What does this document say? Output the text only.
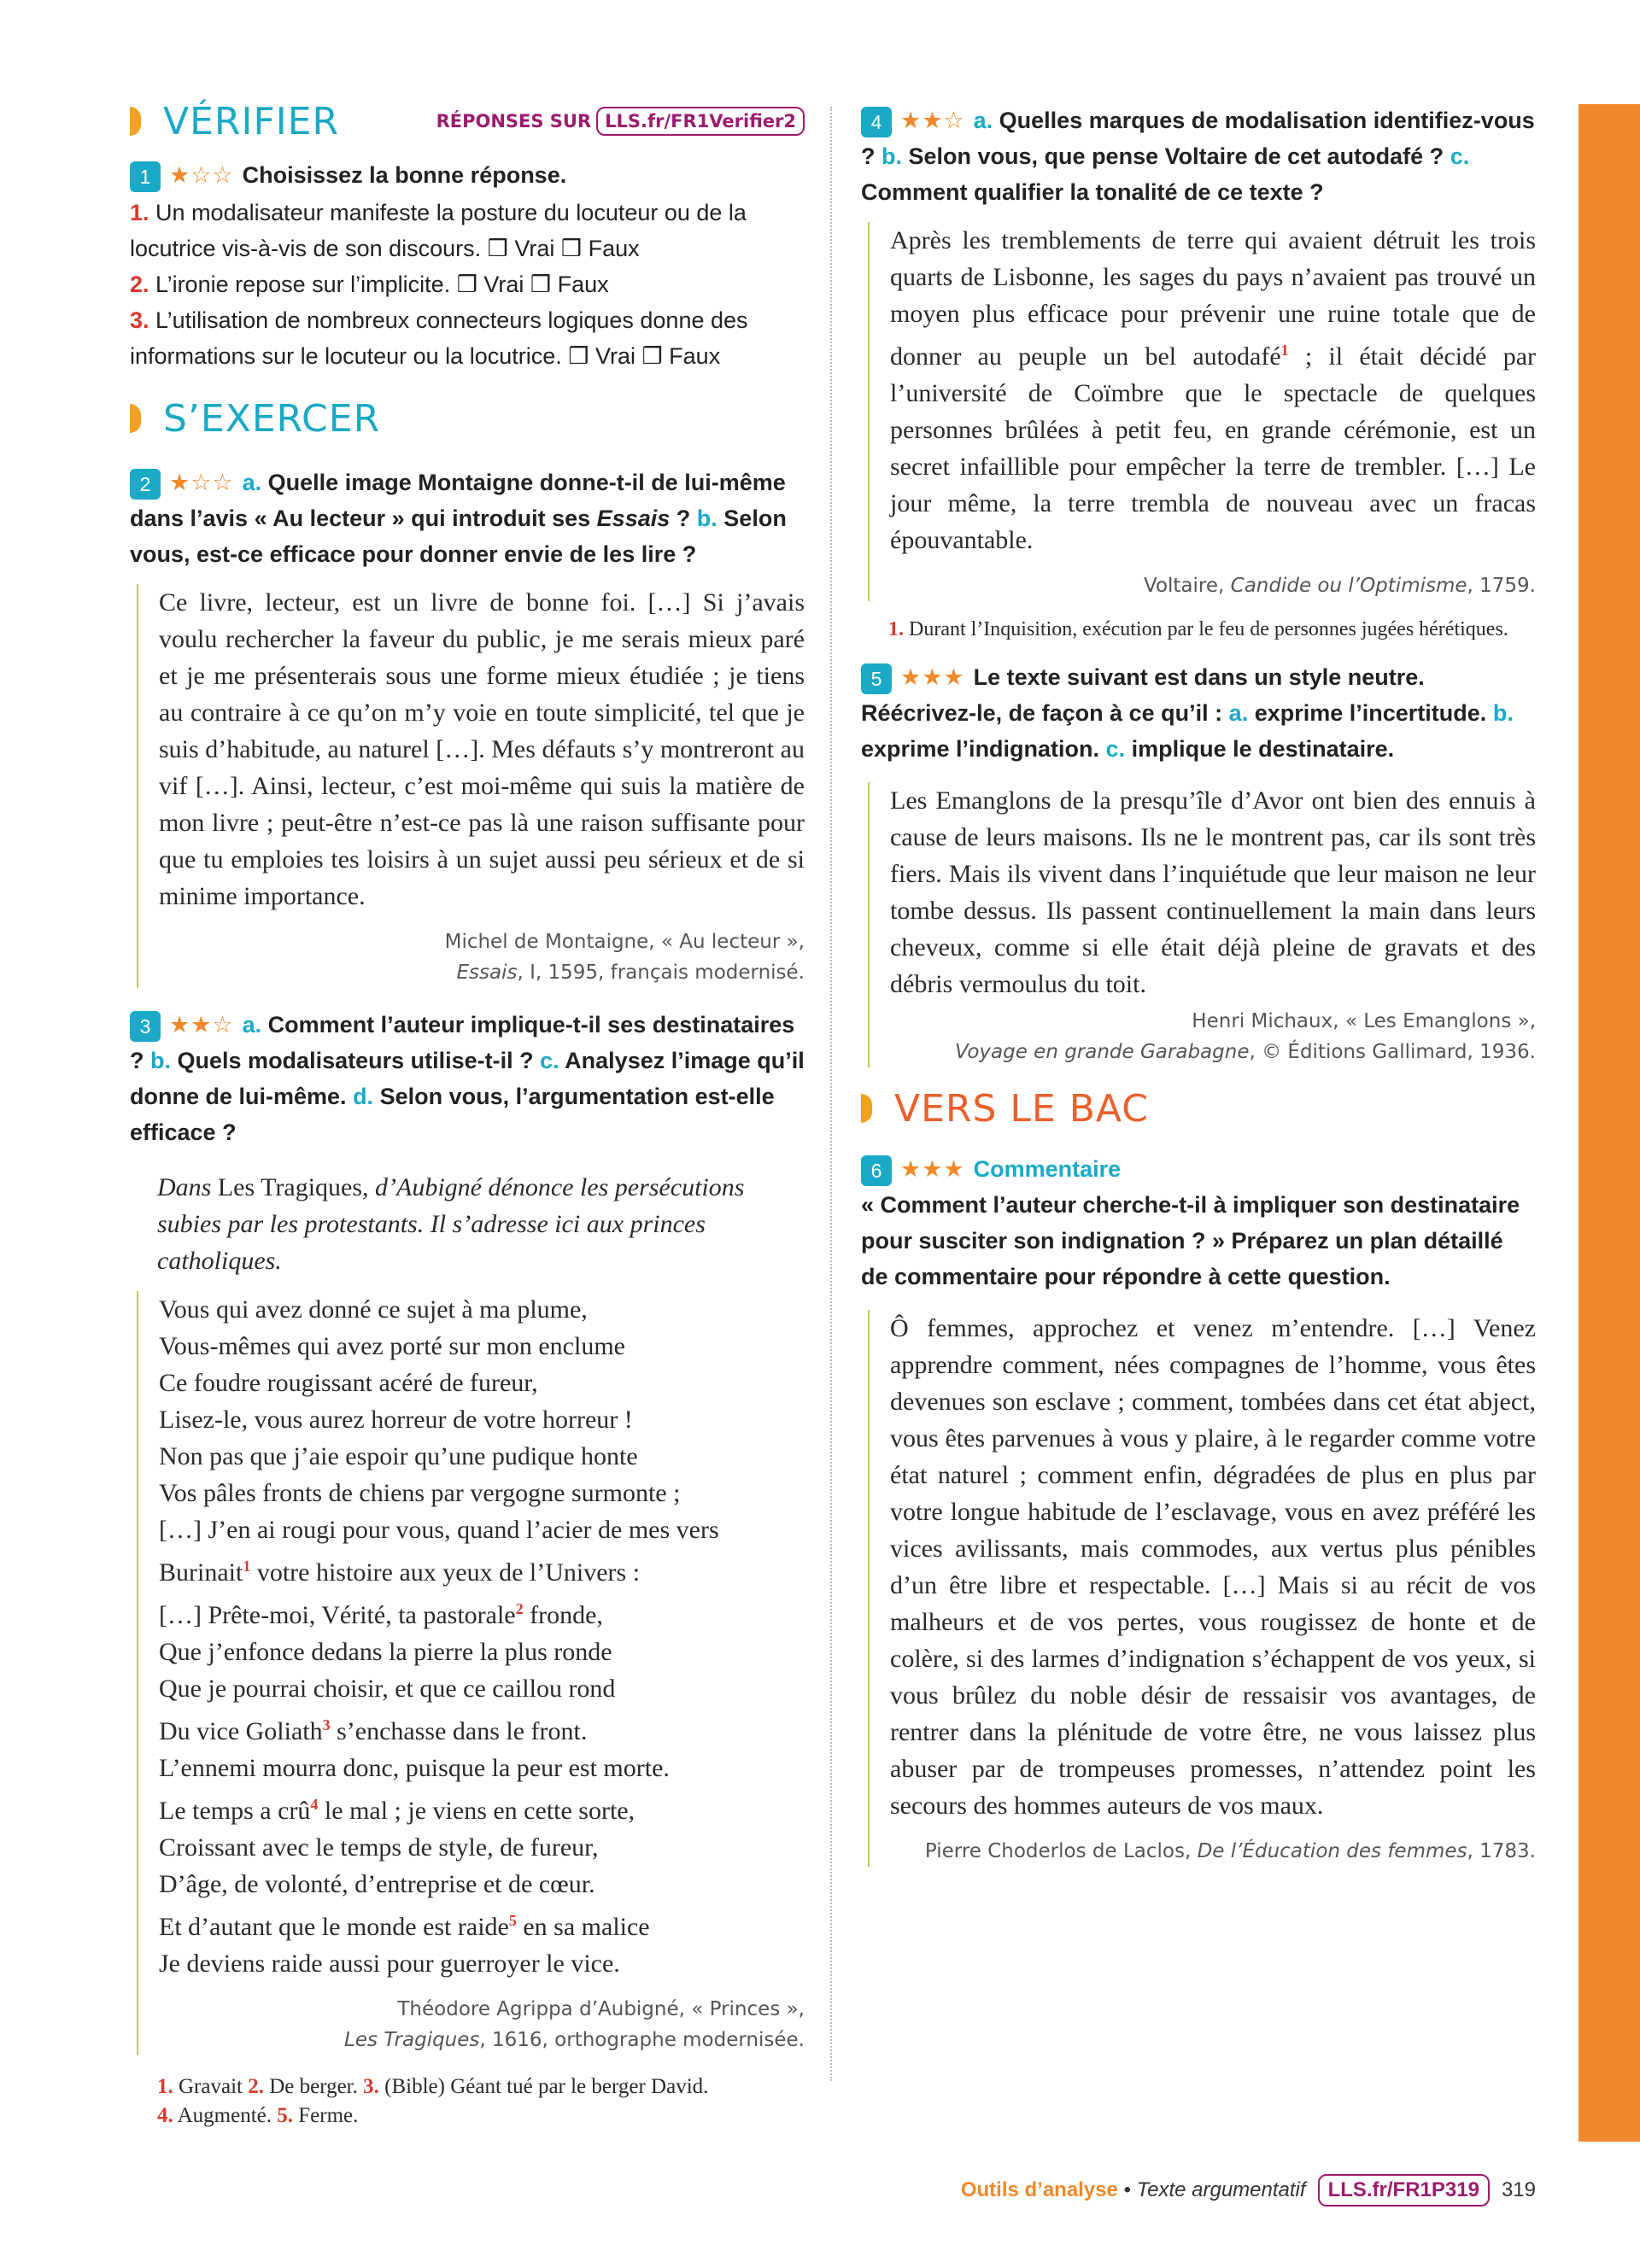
VÉRIFIER	RÉPONSES SUR LLS.fr/FR1Verifier2
1 ★☆☆ Choisissez la bonne réponse.
1. Un modalisateur manifeste la posture du locuteur ou de la locutrice vis-à-vis de son discours. ❒ Vrai ❒ Faux
2. L’ironie repose sur l’implicite. ❒ Vrai ❒ Faux
3. L’utilisation de nombreux connecteurs logiques donne des informations sur le locuteur ou la locutrice. ❒ Vrai ❒ Faux
S’EXERCER
2 ★☆☆ a. Quelle image Montaigne donne-t-il de lui-même dans l’avis « Au lecteur » qui introduit ses Essais ? b. Selon vous, est-ce efficace pour donner envie de les lire ?

Ce livre, lecteur, est un livre de bonne foi. […] Si j’avais voulu rechercher la faveur du public, je me serais mieux paré et je me présenterais sous une forme mieux étudiée ; je tiens au contraire à ce qu’on m’y voie en toute simplicité, tel que je suis d’habitude, au naturel […]. Mes défauts s’y montreront au vif […]. Ainsi, lecteur, c’est moi-même qui suis la matière de mon livre ; peut-être n’est-ce pas là une raison suffisante pour que tu emploies tes loisirs à un sujet aussi peu sérieux et de si minime importance.

Michel de Montaigne, « Au lecteur »,
Essais, I, 1595, français modernisé.
3 ★★☆ a. Comment l’auteur implique-t-il ses destinataires ? b. Quels modalisateurs utilise-t-il ? c. Analysez l’image qu’il donne de lui-même. d. Selon vous, l’argumentation est-elle efficace ?
Dans Les Tragiques, d’Aubigné dénonce les persécutions subies par les protestants. Il s’adresse ici aux princes catholiques.
Vous qui avez donné ce sujet à ma plume,
Vous-mêmes qui avez porté sur mon enclume
Ce foudre rougissant acéré de fureur,
Lisez-le, vous aurez horreur de votre horreur !
Non pas que j’aie espoir qu’une pudique honte
Vos pâles fronts de chiens par vergogne surmonte ;
[…] J’en ai rougi pour vous, quand l’acier de mes vers
Burinait$^1$ votre histoire aux yeux de l’Univers :
[…] Prête-moi, Vérité, ta pastorale$^2$ fronde,
Que j’enfonce dedans la pierre la plus ronde
Que je pourrai choisir, et que ce caillou rond
Du vice Goliath$^3$ s’enchasse dans le front.
L’ennemi mourra donc, puisque la peur est morte.
Le temps a crû$^4$ le mal ; je viens en cette sorte,
Croissant avec le temps de style, de fureur,
D’âge, de volonté, d’entreprise et de cœur.
Et d’autant que le monde est raide$^5$ en sa malice
Je deviens raide aussi pour guerroyer le vice.
Théodore Agrippa d’Aubigné, « Princes »,
Les Tragiques, 1616, orthographe modernisée.
1. Gravait 2. De berger. 3. (Bible) Géant tué par le berger David.
4. Augmenté. 5. Ferme.
4 ★★☆ a. Quelles marques de modalisation identifiez-vous ? b. Selon vous, que pense Voltaire de cet autodafé ? c. Comment qualifier la tonalité de ce texte ?

Après les tremblements de terre qui avaient détruit les trois quarts de Lisbonne, les sages du pays n’avaient pas trouvé un moyen plus efficace pour prévenir une ruine totale que de donner au peuple un bel autodafé$^1$ ; il était décidé par l’université de Coïmbre que le spectacle de quelques personnes brûlées à petit feu, en grande cérémonie, est un secret infaillible pour empêcher la terre de trembler. […] Le jour même, la terre trembla de nouveau avec un fracas épouvantable.

Voltaire, Candide ou l’Optimisme, 1759.
1. Durant l’Inquisition, exécution par le feu de personnes jugées hérétiques.
5 ★★★ Le texte suivant est dans un style neutre. Réécrivez-le, de façon à ce qu’il : a. exprime l’incertitude. b. exprime l’indignation. c. implique le destinataire.

Les Emanglons de la presqu’île d’Avor ont bien des ennuis à cause de leurs maisons. Ils ne le montrent pas, car ils sont très fiers. Mais ils vivent dans l’inquiétude que leur maison ne leur tombe dessus. Ils passent continuellement la main dans leurs cheveux, comme si elle était déjà pleine de gravats et des débris vermoulus du toit.

Henri Michaux, « Les Emanglons »,
Voyage en grande Garabagne, © Éditions Gallimard, 1936.
VERS LE BAC
6 ★★★ Commentaire
« Comment l’auteur cherche-t-il à impliquer son destinataire pour susciter son indignation ? » Préparez un plan détaillé de commentaire pour répondre à cette question.

Ô femmes, approchez et venez m’entendre. […] Venez apprendre comment, nées compagnes de l’homme, vous êtes devenues son esclave ; comment, tombées dans cet état abject, vous êtes parvenues à vous y plaire, à le regarder comme votre état naturel ; comment enfin, dégradées de plus en plus par votre longue habitude de l’esclavage, vous en avez préféré les vices avilissants, mais commodes, aux vertus plus pénibles d’un être libre et respectable. […] Mais si au récit de vos malheurs et de vos pertes, vous rougissez de honte et de colère, si des larmes d’indignation s’échappent de vos yeux, si vous brûlez du noble désir de ressaisir vos avantages, de rentrer dans la plénitude de votre être, ne vous laissez plus abuser par de trompeuses promesses, n’attendez point les secours des hommes auteurs de vos maux.

Pierre Choderlos de Laclos, De l’Éducation des femmes, 1783.
Outils d’analyse • Texte argumentatif	LLS.fr/FR1P319	319
